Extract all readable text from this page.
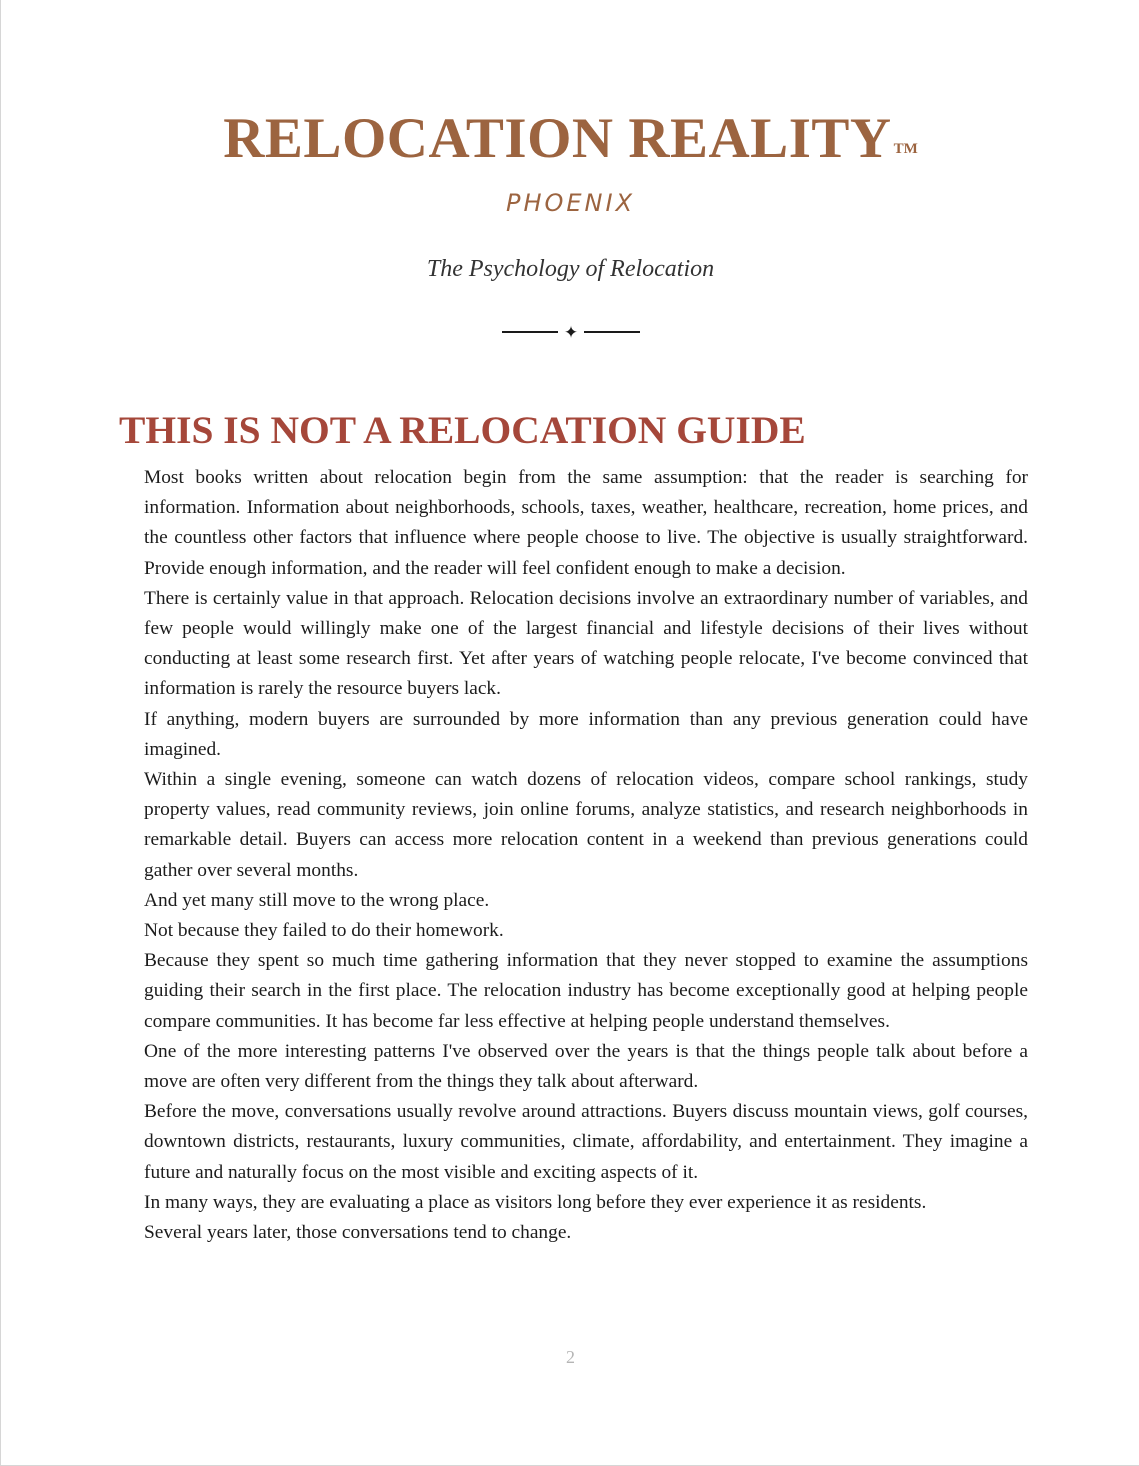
RELOCATION REALITY TM
PHOENIX
The Psychology of Relocation
✦
THIS IS NOT A RELOCATION GUIDE

Most books written about relocation begin from the same assumption: that the reader is searching for information. Information about neighborhoods, schools, taxes, weather, healthcare, recreation, home prices, and the countless other factors that influence where people choose to live. The objective is usually straightforward. Provide enough information, and the reader will feel confident enough to make a decision.

There is certainly value in that approach. Relocation decisions involve an extraordinary number of variables, and few people would willingly make one of the largest financial and lifestyle decisions of their lives without conducting at least some research first. Yet after years of watching people relocate, I've become convinced that information is rarely the resource buyers lack.

If anything, modern buyers are surrounded by more information than any previous generation could have imagined.

Within a single evening, someone can watch dozens of relocation videos, compare school rankings, study property values, read community reviews, join online forums, analyze statistics, and research neighborhoods in remarkable detail. Buyers can access more relocation content in a weekend than previous generations could gather over several months.

And yet many still move to the wrong place.

Not because they failed to do their homework.

Because they spent so much time gathering information that they never stopped to examine the assumptions guiding their search in the first place. The relocation industry has become exceptionally good at helping people compare communities. It has become far less effective at helping people understand themselves.

One of the more interesting patterns I've observed over the years is that the things people talk about before a move are often very different from the things they talk about afterward.

Before the move, conversations usually revolve around attractions. Buyers discuss mountain views, golf courses, downtown districts, restaurants, luxury communities, climate, affordability, and entertainment. They imagine a future and naturally focus on the most visible and exciting aspects of it.

In many ways, they are evaluating a place as visitors long before they ever experience it as residents.

Several years later, those conversations tend to change.

2
